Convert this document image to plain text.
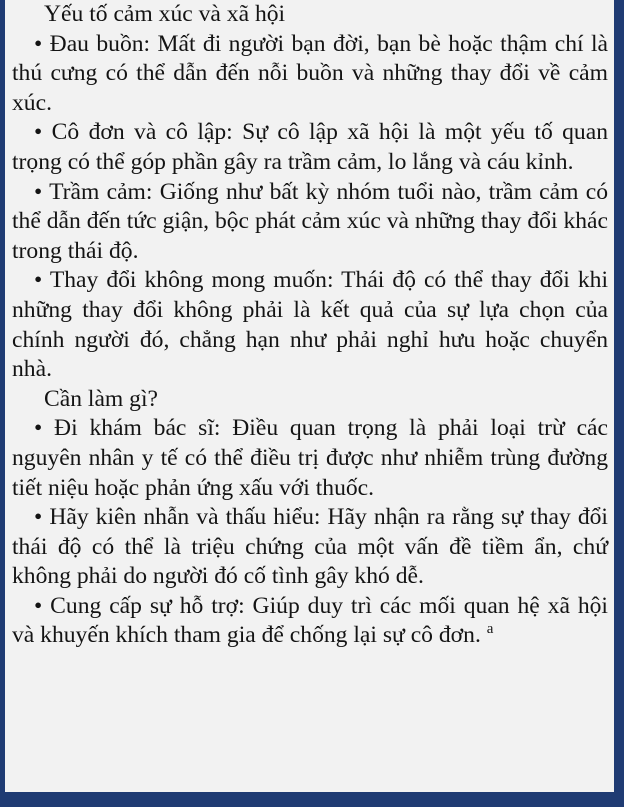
Yếu tố cảm xúc và xã hội

• Đau buồn: Mất đi người bạn đời, bạn bè hoặc thậm chí là thú cưng có thể dẫn đến nỗi buồn và những thay đổi về cảm xúc.

• Cô đơn và cô lập: Sự cô lập xã hội là một yếu tố quan trọng có thể góp phần gây ra trầm cảm, lo lắng và cáu kỉnh.

• Trầm cảm: Giống như bất kỳ nhóm tuổi nào, trầm cảm có thể dẫn đến tức giận, bộc phát cảm xúc và những thay đổi khác trong thái độ.

• Thay đổi không mong muốn: Thái độ có thể thay đổi khi những thay đổi không phải là kết quả của sự lựa chọn của chính người đó, chẳng hạn như phải nghỉ hưu hoặc chuyển nhà.

Cần làm gì?

• Đi khám bác sĩ: Điều quan trọng là phải loại trừ các nguyên nhân y tế có thể điều trị được như nhiễm trùng đường tiết niệu hoặc phản ứng xấu với thuốc.

• Hãy kiên nhẫn và thấu hiểu: Hãy nhận ra rằng sự thay đổi thái độ có thể là triệu chứng của một vấn đề tiềm ẩn, chứ không phải do người đó cố tình gây khó dễ.

• Cung cấp sự hỗ trợ: Giúp duy trì các mối quan hệ xã hội và khuyến khích tham gia để chống lại sự cô đơn. $^a$
